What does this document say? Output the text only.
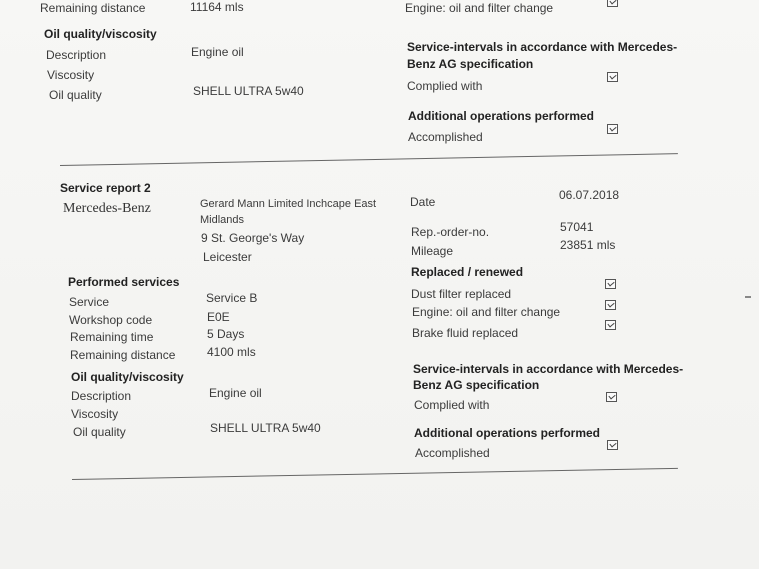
Remaining distance	11164 mls	Engine: oil and filter change
Oil quality/viscosity
Description	Engine oil
Viscosity
Oil quality	SHELL ULTRA 5w40
Service-intervals in accordance with Mercedes-
Benz AG specification
Complied with
Additional operations performed
Accomplished
Service report 2
Mercedes-Benz	Gerard Mann Limited Inchcape East
Midlands
9 St. George's Way
Leicester
Date	06.07.2018
Rep.-order-no.	57041
Mileage	23851 mls
Performed services
Service	Service B
Workshop code	E0E
Remaining time	5 Days
Remaining distance	4100 mls
Replaced / renewed
Dust filter replaced
Engine: oil and filter change
Brake fluid replaced
Oil quality/viscosity
Description	Engine oil
Viscosity
Oil quality	SHELL ULTRA 5w40
Service-intervals in accordance with Mercedes-
Benz AG specification
Complied with
Additional operations performed
Accomplished
